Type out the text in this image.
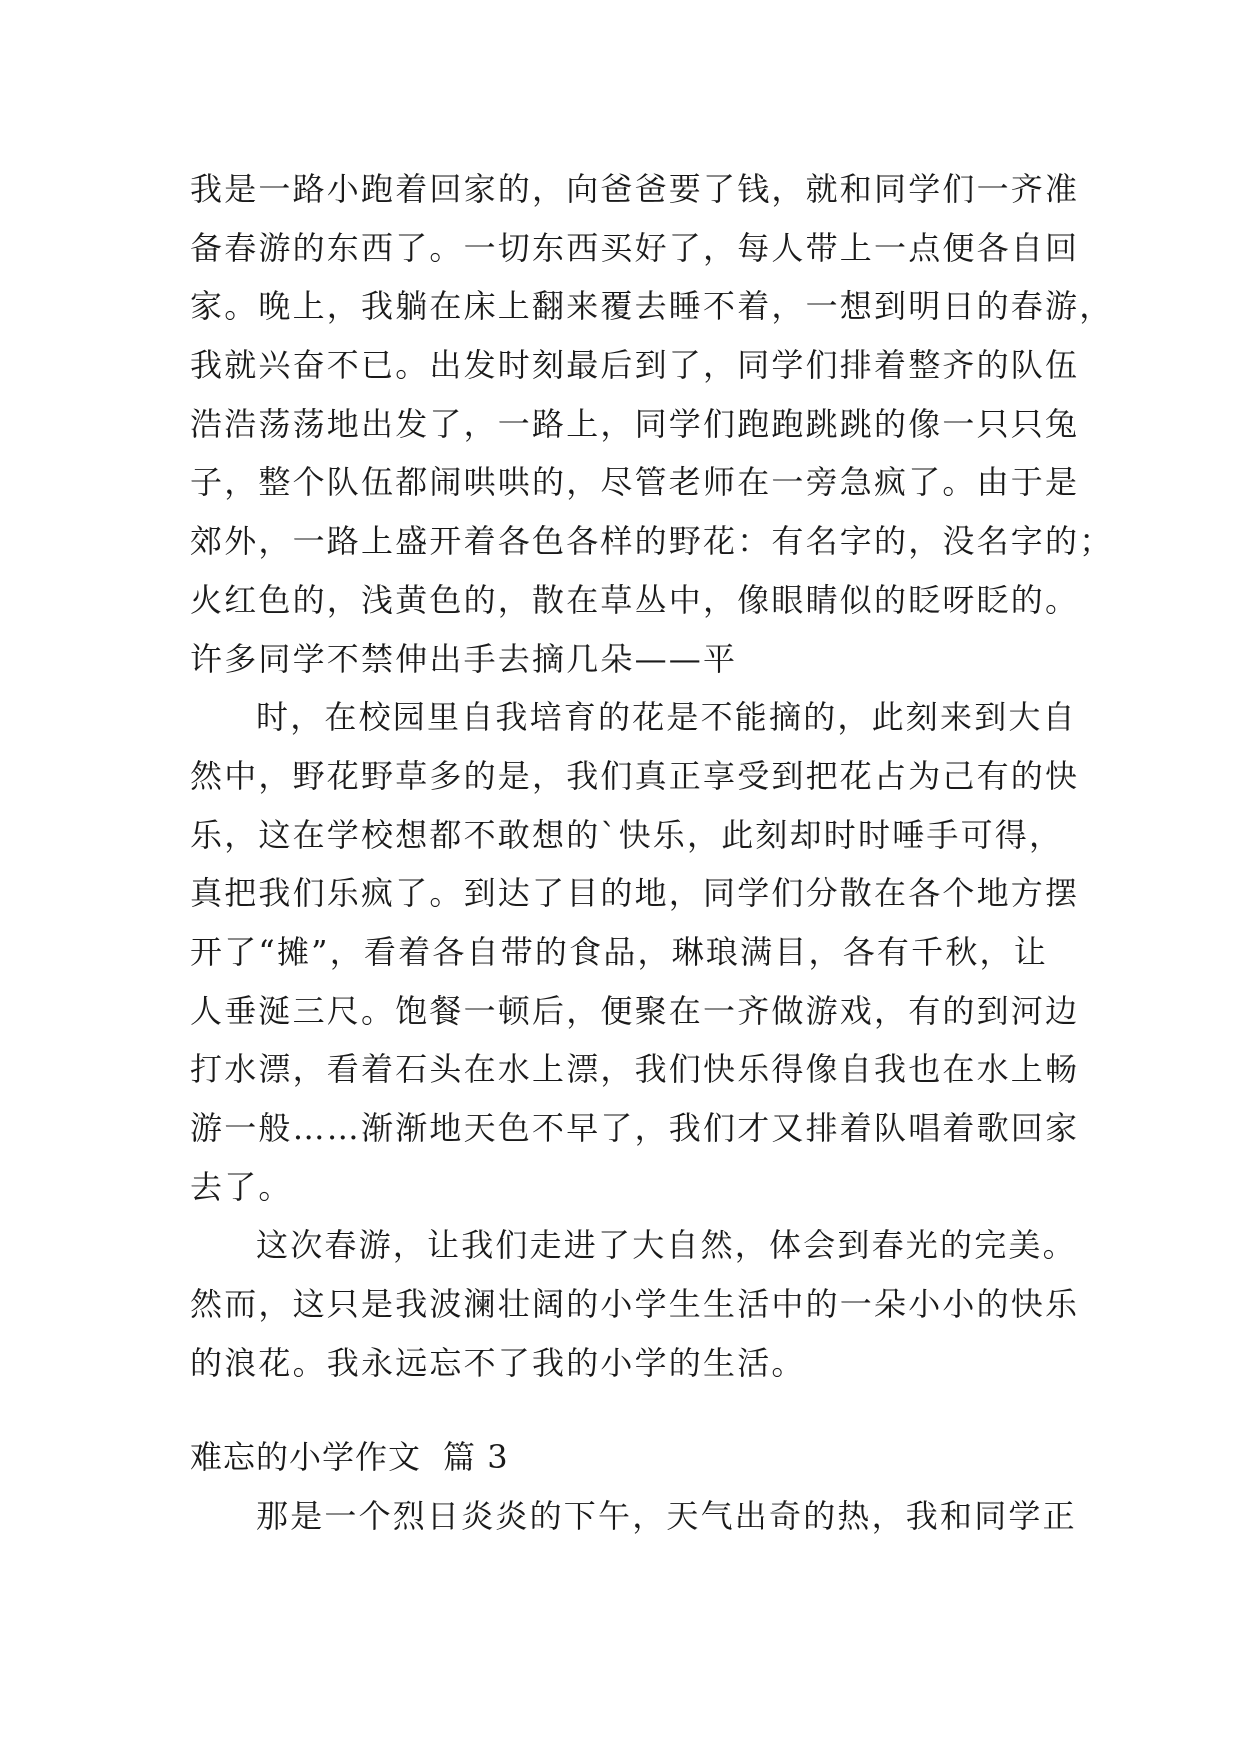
我是一路小跑着回家的，向爸爸要了钱，就和同学们一齐准
备春游的东西了。一切东西买好了，每人带上一点便各自回
家。晚上，我躺在床上翻来覆去睡不着，一想到明日的春游，
我就兴奋不已。出发时刻最后到了，同学们排着整齐的队伍
浩浩荡荡地出发了，一路上，同学们跑跑跳跳的像一只只兔
子，整个队伍都闹哄哄的，尽管老师在一旁急疯了。由于是
郊外，一路上盛开着各色各样的野花：有名字的，没名字的；
火红色的，浅黄色的，散在草丛中，像眼睛似的眨呀眨的。
许多同学不禁伸出手去摘几朵——平
时，在校园里自我培育的花是不能摘的，此刻来到大自
然中，野花野草多的是，我们真正享受到把花占为己有的快
乐，这在学校想都不敢想的`快乐，此刻却时时唾手可得，
真把我们乐疯了。到达了目的地，同学们分散在各个地方摆
开了“摊”，看着各自带的食品，琳琅满目，各有千秋，让
人垂涎三尺。饱餐一顿后，便聚在一齐做游戏，有的到河边
打水漂，看着石头在水上漂，我们快乐得像自我也在水上畅
游一般……渐渐地天色不早了，我们才又排着队唱着歌回家
去了。
这次春游，让我们走进了大自然，体会到春光的完美。
然而，这只是我波澜壮阔的小学生生活中的一朵小小的快乐
的浪花。我永远忘不了我的小学的生活。
难忘的小学作文 篇 3
那是一个烈日炎炎的下午，天气出奇的热，我和同学正
